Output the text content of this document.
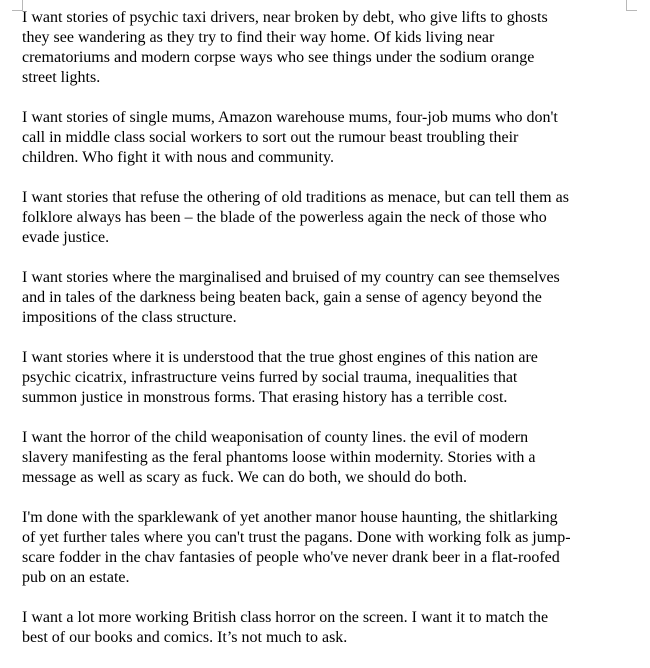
I want stories of psychic taxi drivers, near broken by debt, who give lifts to ghosts
they see wandering as they try to find their way home. Of kids living near
crematoriums and modern corpse ways who see things under the sodium orange
street lights.

I want stories of single mums, Amazon warehouse mums, four-job mums who don't
call in middle class social workers to sort out the rumour beast troubling their
children. Who fight it with nous and community.

I want stories that refuse the othering of old traditions as menace, but can tell them as
folklore always has been – the blade of the powerless again the neck of those who
evade justice.

I want stories where the marginalised and bruised of my country can see themselves
and in tales of the darkness being beaten back, gain a sense of agency beyond the
impositions of the class structure.

I want stories where it is understood that the true ghost engines of this nation are
psychic cicatrix, infrastructure veins furred by social trauma, inequalities that
summon justice in monstrous forms. That erasing history has a terrible cost.

I want the horror of the child weaponisation of county lines. the evil of modern
slavery manifesting as the feral phantoms loose within modernity. Stories with a
message as well as scary as fuck. We can do both, we should do both.

I'm done with the sparklewank of yet another manor house haunting, the shitlarking
of yet further tales where you can't trust the pagans. Done with working folk as jump-
scare fodder in the chav fantasies of people who've never drank beer in a flat-roofed
pub on an estate.

I want a lot more working British class horror on the screen. I want it to match the
best of our books and comics. It’s not much to ask.
